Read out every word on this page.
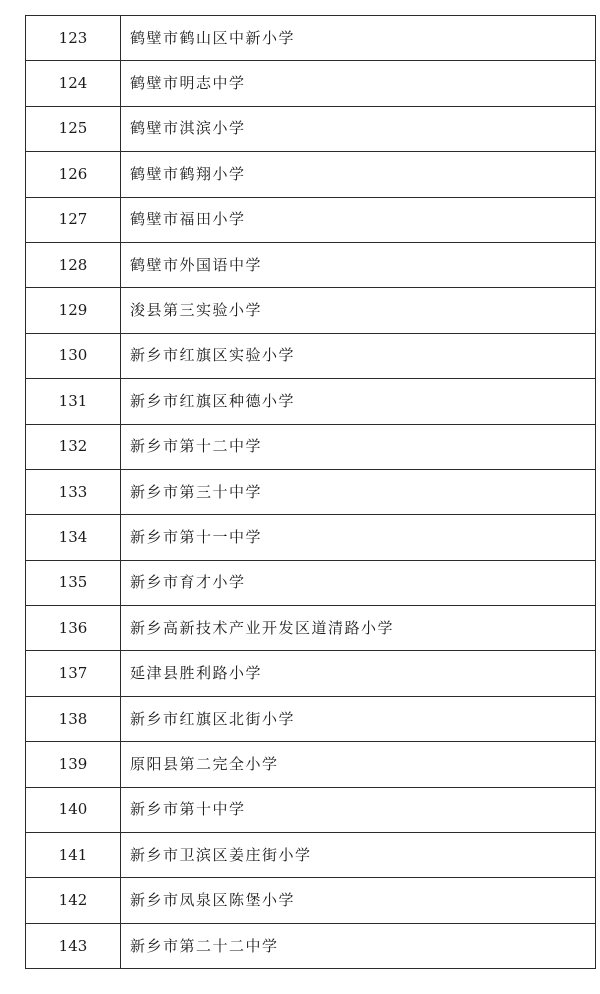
123	鹤壁市鹤山区中新小学
124	鹤壁市明志中学
125	鹤壁市淇滨小学
126	鹤壁市鹤翔小学
127	鹤壁市福田小学
128	鹤壁市外国语中学
129	浚县第三实验小学
130	新乡市红旗区实验小学
131	新乡市红旗区种德小学
132	新乡市第十二中学
133	新乡市第三十中学
134	新乡市第十一中学
135	新乡市育才小学
136	新乡高新技术产业开发区道清路小学
137	延津县胜利路小学
138	新乡市红旗区北街小学
139	原阳县第二完全小学
140	新乡市第十中学
141	新乡市卫滨区姜庄街小学
142	新乡市凤泉区陈堡小学
143	新乡市第二十二中学
